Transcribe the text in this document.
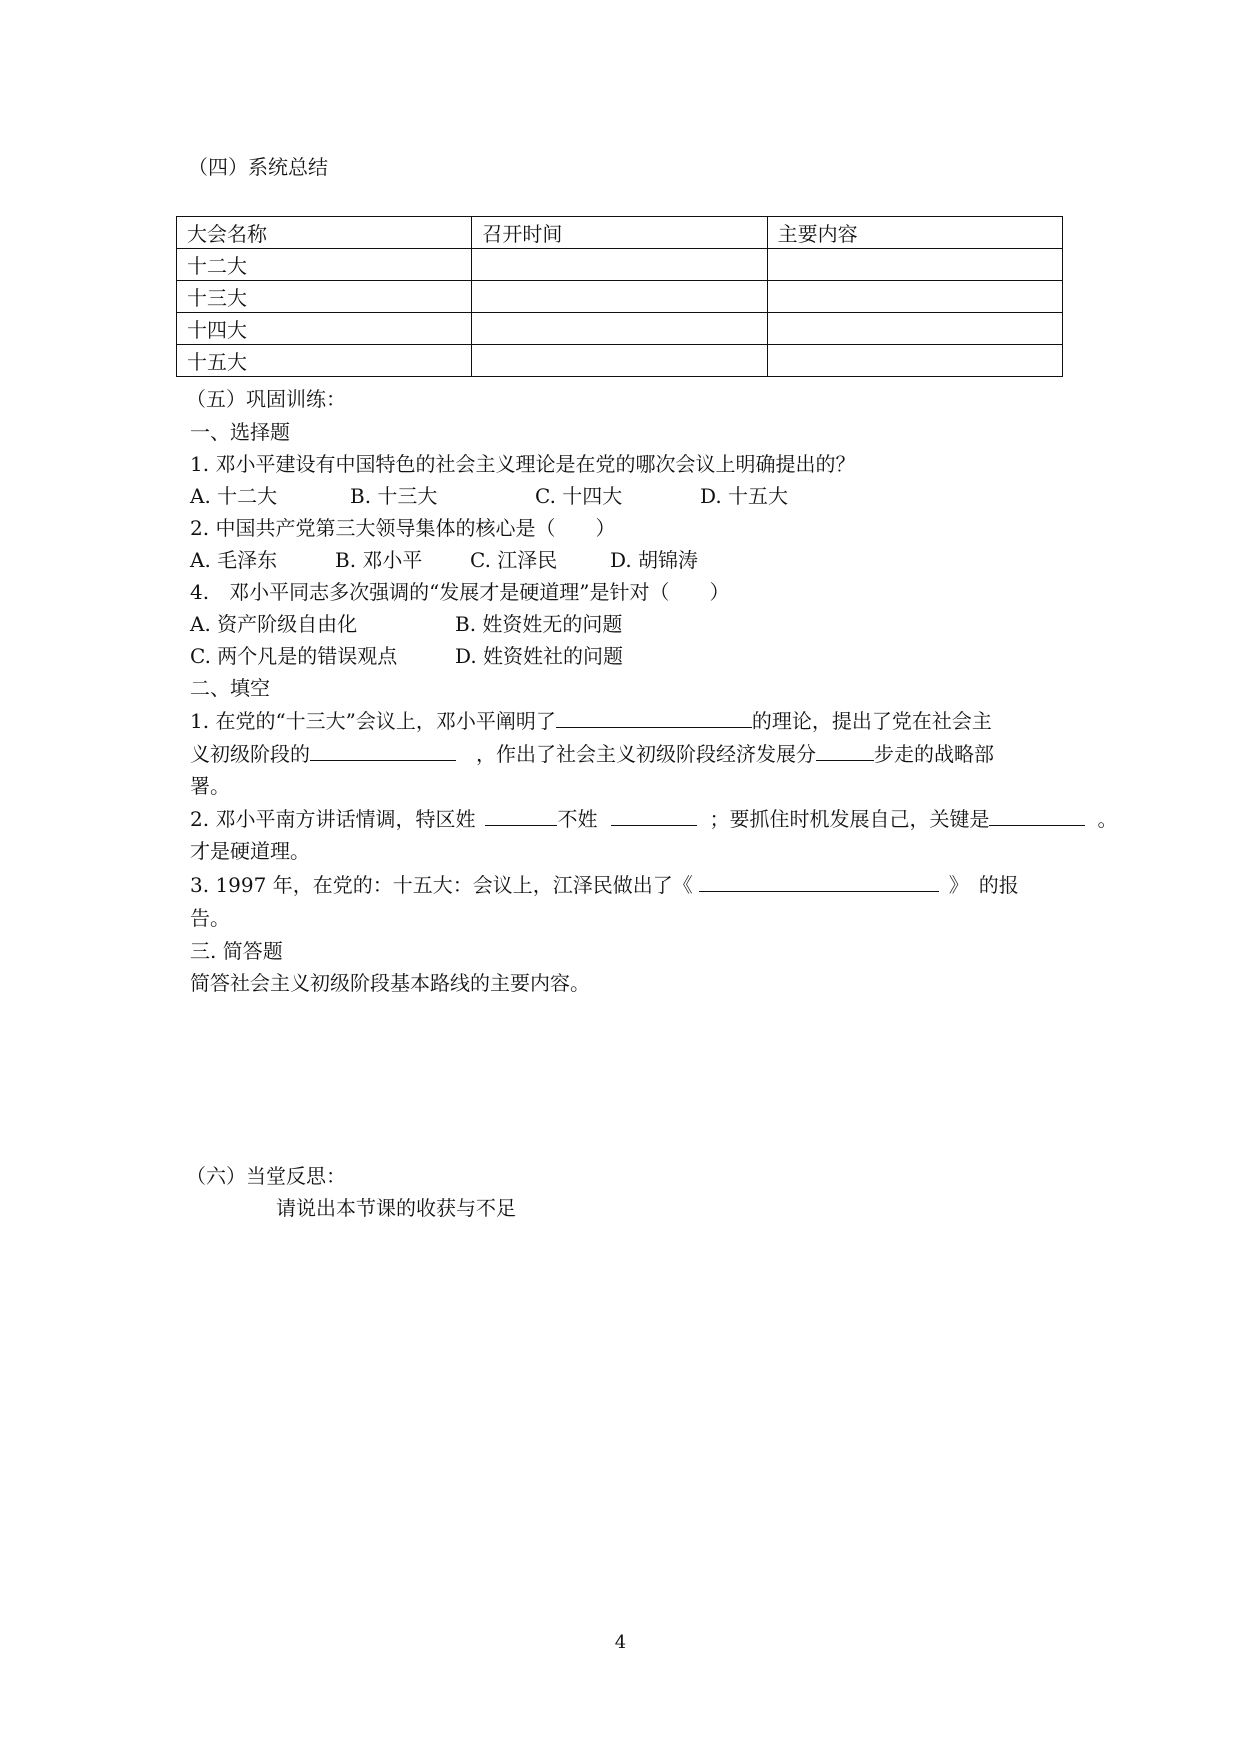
（四）系统总结
大会名称	召开时间	主要内容
十二大		
十三大		
十四大		
十五大		
（五）巩固训练：
一、选择题
1. 邓小平建设有中国特色的社会主义理论是在党的哪次会议上明确提出的？
A. 十二大	B. 十三大	C. 十四大	D. 十五大
2. 中国共产党第三大领导集体的核心是（　　）
A. 毛泽东	B. 邓小平 C. 江泽民	D. 胡锦涛
4.　邓小平同志多次强调的“发展才是硬道理”是针对（　　）
A. 资产阶级自由化	B. 姓资姓无的问题
C. 两个凡是的错误观点	D. 姓资姓社的问题
二、填空
1. 在党的“十三大”会议上，邓小平阐明了	的理论，提出了党在社会主
义初级阶段的	，作出了社会主义初级阶段经济发展分	步走的战略部
署。
2. 邓小平南方讲话情调，特区姓	不姓	；要抓住时机发展自己，关键是	。
才是硬道理。
3. 1997 年，在党的：十五大：会议上，江泽民做出了《	》　的报
告。
三. 简答题
简答社会主义初级阶段基本路线的主要内容。
（六）当堂反思：
请说出本节课的收获与不足
4
